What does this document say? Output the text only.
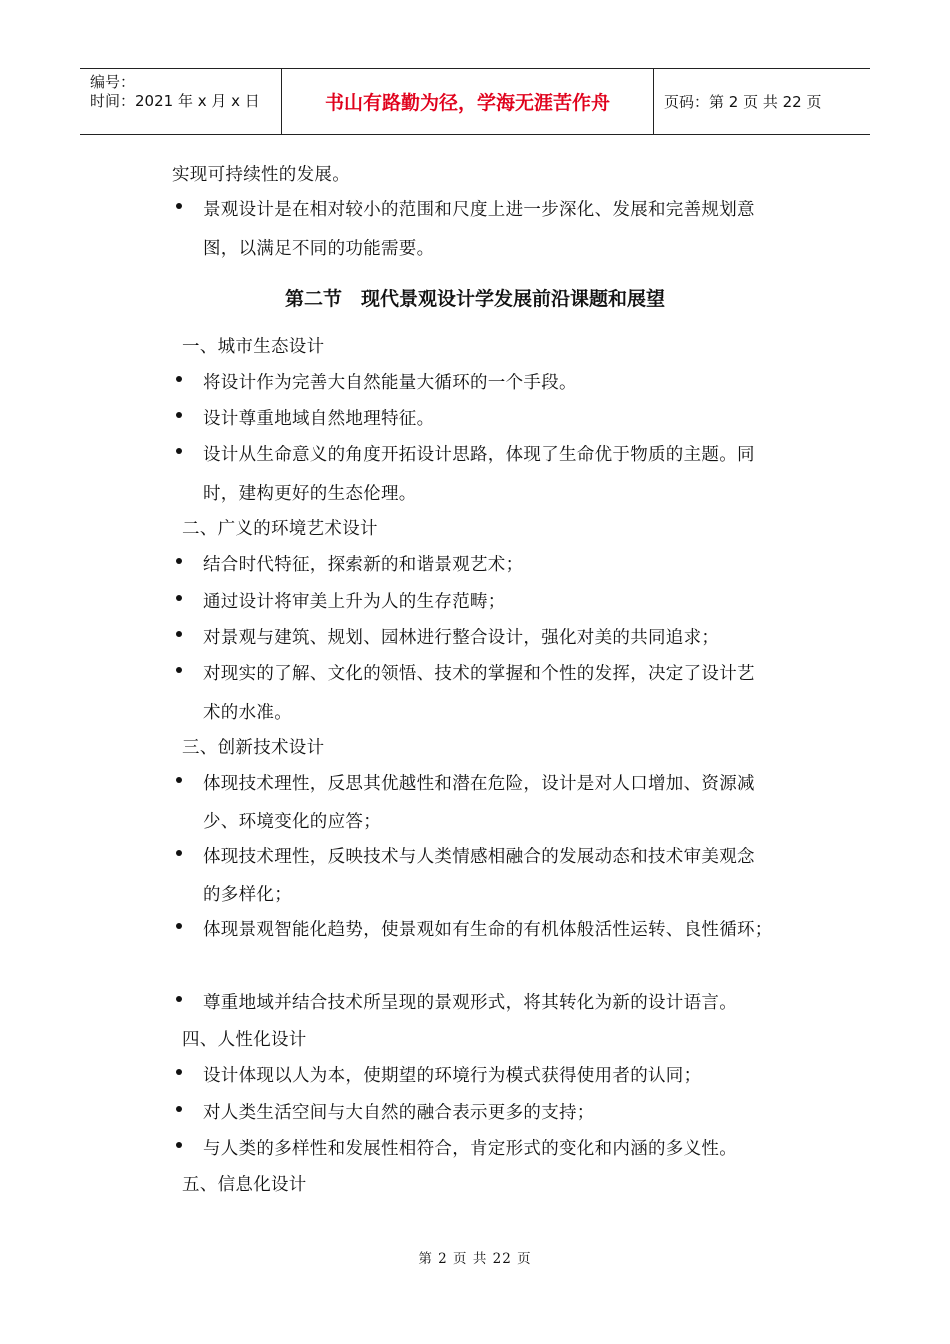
编号：
时间：2021 年 x 月 x 日	书山有路勤为径，学海无涯苦作舟	页码：第 2 页 共 22 页
实现可持续性的发展。
景观设计是在相对较小的范围和尺度上进一步深化、发展和完善规划意
图，以满足不同的功能需要。
第二节　现代景观设计学发展前沿课题和展望
一、城市生态设计
将设计作为完善大自然能量大循环的一个手段。
设计尊重地域自然地理特征。
设计从生命意义的角度开拓设计思路，体现了生命优于物质的主题。同
时，建构更好的生态伦理。
二、广义的环境艺术设计
结合时代特征，探索新的和谐景观艺术；
通过设计将审美上升为人的生存范畴；
对景观与建筑、规划、园林进行整合设计，强化对美的共同追求；
对现实的了解、文化的领悟、技术的掌握和个性的发挥，决定了设计艺
术的水准。
三、创新技术设计
体现技术理性，反思其优越性和潜在危险，设计是对人口增加、资源减
少、环境变化的应答；
体现技术理性，反映技术与人类情感相融合的发展动态和技术审美观念
的多样化；
体现景观智能化趋势，使景观如有生命的有机体般活性运转、良性循环；
尊重地域并结合技术所呈现的景观形式，将其转化为新的设计语言。
四、人性化设计
设计体现以人为本，使期望的环境行为模式获得使用者的认同；
对人类生活空间与大自然的融合表示更多的支持；
与人类的多样性和发展性相符合，肯定形式的变化和内涵的多义性。
五、信息化设计
第 2 页 共 22 页
